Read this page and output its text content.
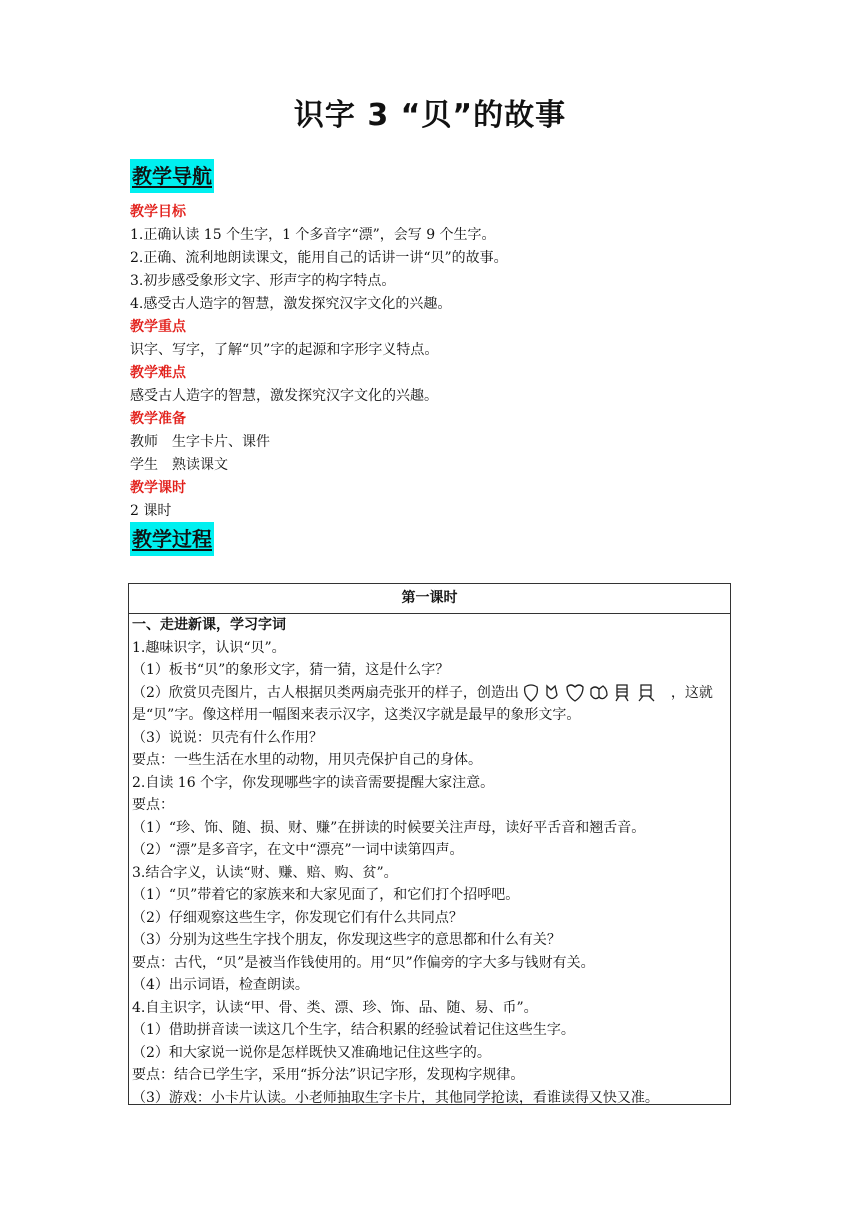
识字 3 “贝”的故事
教学导航
教学目标
1.正确认读 15 个生字，1 个多音字“漂”，会写 9 个生字。
2.正确、流利地朗读课文，能用自己的话讲一讲“贝”的故事。
3.初步感受象形文字、形声字的构字特点。
4.感受古人造字的智慧，激发探究汉字文化的兴趣。
教学重点
识字、写字，了解“贝”字的起源和字形字义特点。
教学难点
感受古人造字的智慧，激发探究汉字文化的兴趣。
教学准备
教师　生字卡片、课件
学生　熟读课文
教学课时
2 课时
教学过程
第一课时
一、走进新课，学习字词
1.趣味识字，认识“贝”。
（1）板书“贝”的象形文字，猜一猜，这是什么字？
（2）欣赏贝壳图片，古人根据贝类两扇壳张开的样子，创造出	，这就
是“贝”字。像这样用一幅图来表示汉字，这类汉字就是最早的象形文字。
（3）说说：贝壳有什么作用？
要点：一些生活在水里的动物，用贝壳保护自己的身体。
2.自读 16 个字，你发现哪些字的读音需要提醒大家注意。
要点：
（1）“珍、饰、随、损、财、赚”在拼读的时候要关注声母，读好平舌音和翘舌音。
（2）“漂”是多音字，在文中“漂亮”一词中读第四声。
3.结合字义，认读“财、赚、赔、购、贫”。
（1）“贝”带着它的家族来和大家见面了，和它们打个招呼吧。
（2）仔细观察这些生字，你发现它们有什么共同点？
（3）分别为这些生字找个朋友，你发现这些字的意思都和什么有关？
要点：古代，“贝”是被当作钱使用的。用“贝”作偏旁的字大多与钱财有关。
（4）出示词语，检查朗读。
4.自主识字，认读“甲、骨、类、漂、珍、饰、品、随、易、币”。
（1）借助拼音读一读这几个生字，结合积累的经验试着记住这些生字。
（2）和大家说一说你是怎样既快又准确地记住这些字的。
要点：结合已学生字，采用“拆分法”识记字形，发现构字规律。
（3）游戏：小卡片认读。小老师抽取生字卡片，其他同学抢读，看谁读得又快又准。
